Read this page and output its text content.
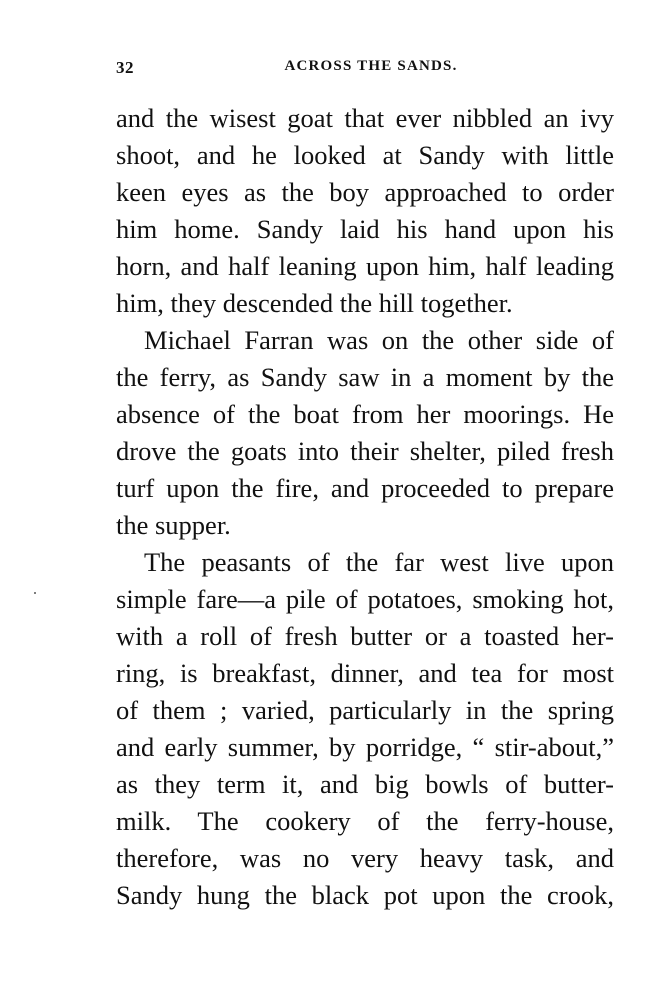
32	ACROSS THE SANDS.
and the wisest goat that ever nibbled an ivy
shoot, and he looked at Sandy with little
keen eyes as the boy approached to order
him home. Sandy laid his hand upon his
horn, and half leaning upon him, half leading
him, they descended the hill together.
Michael Farran was on the other side of
the ferry, as Sandy saw in a moment by the
absence of the boat from her moorings. He
drove the goats into their shelter, piled fresh
turf upon the fire, and proceeded to prepare
the supper.
The peasants of the far west live upon
simple fare—a pile of potatoes, smoking hot,
with a roll of fresh butter or a toasted her-
ring, is breakfast, dinner, and tea for most
of them ; varied, particularly in the spring
and early summer, by porridge, “ stir-about,”
as they term it, and big bowls of butter-
milk. The cookery of the ferry-house,
therefore, was no very heavy task, and
Sandy hung the black pot upon the crook,
